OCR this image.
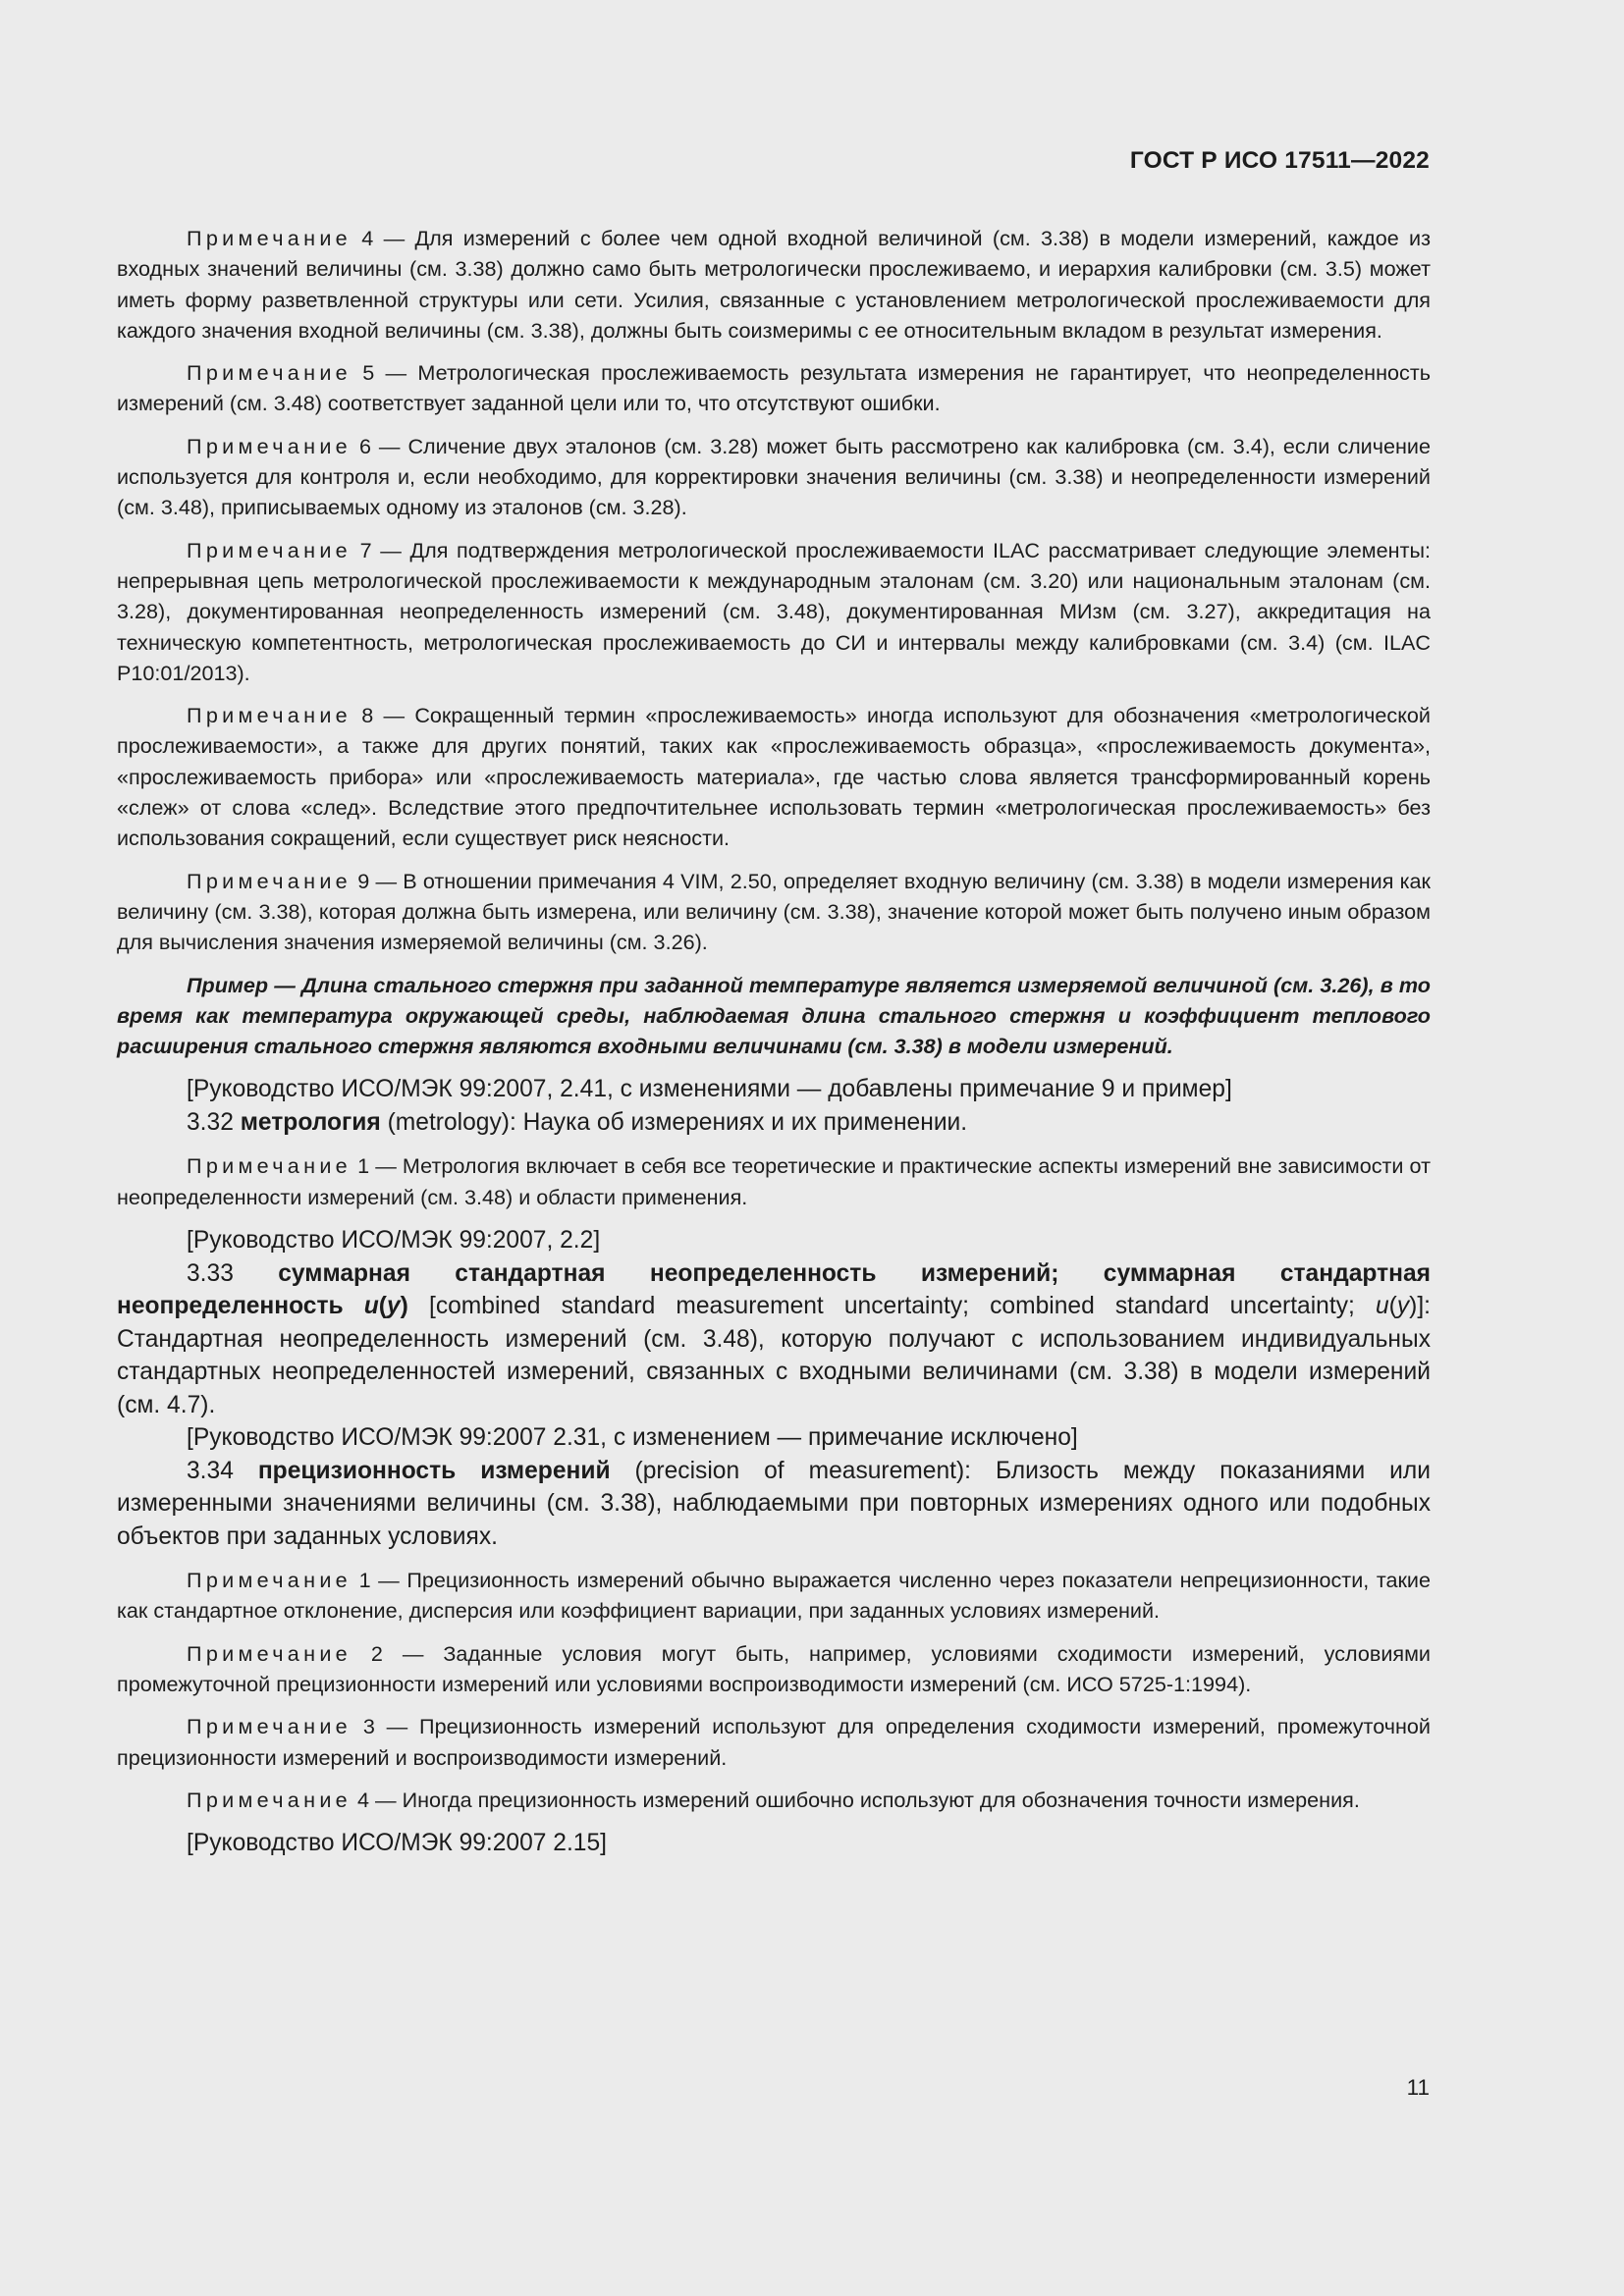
ГОСТ Р ИСО 17511—2022

Примечание 4 — Для измерений с более чем одной входной величиной (см. 3.38) в модели измерений, каждое из входных значений величины (см. 3.38) должно само быть метрологически прослеживаемо, и иерархия калибровки (см. 3.5) может иметь форму разветвленной структуры или сети. Усилия, связанные с установлением метрологической прослеживаемости для каждого значения входной величины (см. 3.38), должны быть соизмеримы с ее относительным вкладом в результат измерения.

Примечание 5 — Метрологическая прослеживаемость результата измерения не гарантирует, что неопределенность измерений (см. 3.48) соответствует заданной цели или то, что отсутствуют ошибки.

Примечание 6 — Сличение двух эталонов (см. 3.28) может быть рассмотрено как калибровка (см. 3.4), если сличение используется для контроля и, если необходимо, для корректировки значения величины (см. 3.38) и неопределенности измерений (см. 3.48), приписываемых одному из эталонов (см. 3.28).

Примечание 7 — Для подтверждения метрологической прослеживаемости ILAC рассматривает следующие элементы: непрерывная цепь метрологической прослеживаемости к международным эталонам (см. 3.20) или национальным эталонам (см. 3.28), документированная неопределенность измерений (см. 3.48), документированная МИзм (см. 3.27), аккредитация на техническую компетентность, метрологическая прослеживаемость до СИ и интервалы между калибровками (см. 3.4) (см. ILAC P10:01/2013).

Примечание 8 — Сокращенный термин «прослеживаемость» иногда используют для обозначения «метрологической прослеживаемости», а также для других понятий, таких как «прослеживаемость образца», «прослеживаемость документа», «прослеживаемость прибора» или «прослеживаемость материала», где частью слова является трансформированный корень «слеж» от слова «след». Вследствие этого предпочтительнее использовать термин «метрологическая прослеживаемость» без использования сокращений, если существует риск неясности.

Примечание 9 — В отношении примечания 4 VIM, 2.50, определяет входную величину (см. 3.38) в модели измерения как величину (см. 3.38), которая должна быть измерена, или величину (см. 3.38), значение которой может быть получено иным образом для вычисления значения измеряемой величины (см. 3.26).

Пример — Длина стального стержня при заданной температуре является измеряемой величиной (см. 3.26), в то время как температура окружающей среды, наблюдаемая длина стального стержня и коэффициент теплового расширения стального стержня являются входными величинами (см. 3.38) в модели измерений.

[Руководство ИСО/МЭК 99:2007, 2.41, с изменениями — добавлены примечание 9 и пример]

3.32 метрология (metrology): Наука об измерениях и их применении.

Примечание 1 — Метрология включает в себя все теоретические и практические аспекты измерений вне зависимости от неопределенности измерений (см. 3.48) и области применения.

[Руководство ИСО/МЭК 99:2007, 2.2]

3.33 суммарная стандартная неопределенность измерений; суммарная стандартная неопределенность u(y) [combined standard measurement uncertainty; combined standard uncertainty; u(y)]: Стандартная неопределенность измерений (см. 3.48), которую получают с использованием индивидуальных стандартных неопределенностей измерений, связанных с входными величинами (см. 3.38) в модели измерений (см. 4.7).

[Руководство ИСО/МЭК 99:2007 2.31, с изменением — примечание исключено]

3.34 прецизионность измерений (precision of measurement): Близость между показаниями или измеренными значениями величины (см. 3.38), наблюдаемыми при повторных измерениях одного или подобных объектов при заданных условиях.

Примечание 1 — Прецизионность измерений обычно выражается численно через показатели непрецизионности, такие как стандартное отклонение, дисперсия или коэффициент вариации, при заданных условиях измерений.

Примечание 2 — Заданные условия могут быть, например, условиями сходимости измерений, условиями промежуточной прецизионности измерений или условиями воспроизводимости измерений (см. ИСО 5725-1:1994).

Примечание 3 — Прецизионность измерений используют для определения сходимости измерений, промежуточной прецизионности измерений и воспроизводимости измерений.

Примечание 4 — Иногда прецизионность измерений ошибочно используют для обозначения точности измерения.

[Руководство ИСО/МЭК 99:2007 2.15]

11
